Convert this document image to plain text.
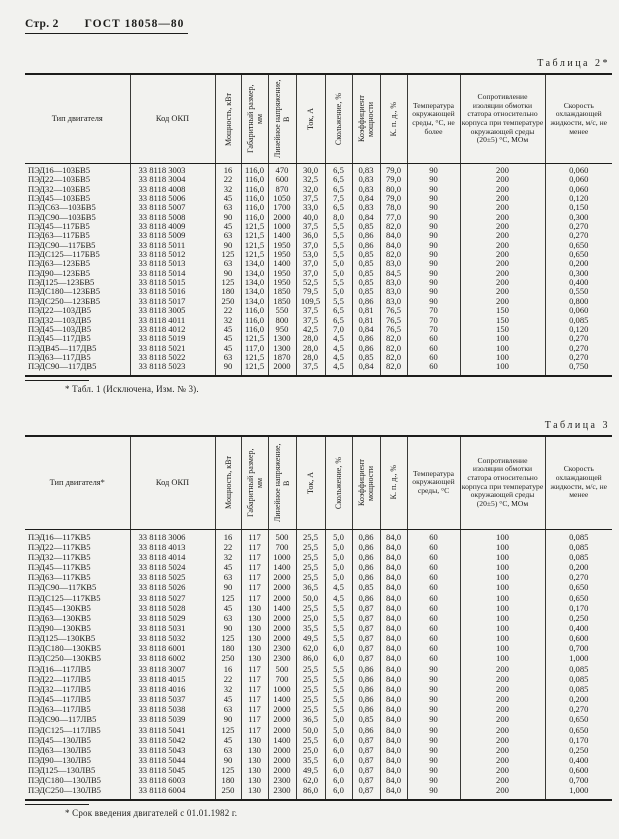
Стр. 2 ГОСТ 18058—80
Таблица 2*
Тип двигателя	Код ОКП	Мощность, кВт	Габаритный размер, мм	Линейное напряжение, В	Ток, А	Скольжение, %	Коэффициент мощности	К. п. д., %	Температура окружающей среды, °С, не более	Сопротивление изоляции обмотки статора относительно корпуса при температуре окружающей среды (20±5) °С, МОм	Скорость охлаждающей жидкости, м/с, не менее
ПЭД16—103БВ5	33 8118 3003	16	116,0	470	30,0	6,5	0,83	79,0	90	200	0,060
ПЭД22—103БВ5	33 8118 3004	22	116,0	600	32,5	6,5	0,83	79,0	90	200	0,060
ПЭД32—103БВ5	33 8118 4008	32	116,0	870	32,0	6,5	0,83	80,0	90	200	0,060
ПЭД45—103БВ5	33 8118 5006	45	116,0	1050	37,5	7,5	0,84	79,0	90	200	0,120
ПЭДС63—103БВ5	33 8118 5007	63	116,0	1700	33,0	6,5	0,83	78,0	90	200	0,150
ПЭДС90—103БВ5	33 8118 5008	90	116,0	2000	40,0	8,0	0,84	77,0	90	200	0,300
ПЭД45—117БВ5	33 8118 4009	45	121,5	1000	37,5	5,5	0,85	82,0	90	200	0,270
ПЭД63—117БВ5	33 8118 5009	63	121,5	1400	36,0	5,5	0,86	84,0	90	200	0,270
ПЭДС90—117БВ5	33 8118 5011	90	121,5	1950	37,0	5,5	0,86	84,0	90	200	0,650
ПЭДС125—117БВ5	33 8118 5012	125	121,5	1950	53,0	5,5	0,85	82,0	90	200	0,650
ПЭД63—123БВ5	33 8118 5013	63	134,0	1400	37,0	5,0	0,85	83,0	90	200	0,200
ПЭД90—123БВ5	33 8118 5014	90	134,0	1950	37,0	5,0	0,85	84,5	90	200	0,300
ПЭД125—123БВ5	33 8118 5015	125	134,0	1950	52,5	5,5	0,85	83,0	90	200	0,400
ПЭДС180—123БВ5	33 8118 5016	180	134,0	1850	79,5	5,0	0,85	83,0	90	200	0,550
ПЭДС250—123БВ5	33 8118 5017	250	134,0	1850	109,5	5,5	0,86	83,0	90	200	0,800
ПЭД22—103ДВ5	33 8118 3005	22	116,0	550	37,5	6,5	0,81	76,5	70	150	0,060
ПЭД32—103ДВ5	33 8118 4011	32	116,0	800	37,5	6,5	0,81	76,5	70	150	0,085
ПЭД45—103ДВ5	33 8118 4012	45	116,0	950	42,5	7,0	0,84	76,5	70	150	0,120
ПЭД45—117ДВ5	33 8118 5019	45	121,5	1300	28,0	4,5	0,86	82,0	60	100	0,270
ПЭДВ45—117ДВ5	33 8118 5021	45	117,0	1300	28,0	4,5	0,86	82,0	60	100	0,270
ПЭД63—117ДВ5	33 8118 5022	63	121,5	1870	28,0	4,5	0,85	82,0	60	100	0,270
ПЭДС90—117ДВ5	33 8118 5023	90	121,5	2000	37,5	4,5	0,84	82,0	60	100	0,750
* Табл. 1 (Исключена, Изм. № 3).
Таблица 3
Тип двигателя*	Код ОКП	Мощность, кВт	Габаритный размер, мм	Линейное напряжение, В	Ток, А	Скольжение, %	Коэффициент мощности	К. п. д., %	Температура окружающей среды, °С	Сопротивление изоляции обмотки статора относительно корпуса при температуре окружающей среды (20±5) °С, МОм	Скорость охлаждающей жидкости, м/с, не менее
ПЭД16—117КВ5	33 8118 3006	16	117	500	25,5	5,0	0,86	84,0	60	100	0,085
ПЭД22—117КВ5	33 8118 4013	22	117	700	25,5	5,0	0,86	84,0	60	100	0,085
ПЭД32—117КВ5	33 8118 4014	32	117	1000	25,5	5,0	0,86	84,0	60	100	0,085
ПЭД45—117КВ5	33 8118 5024	45	117	1400	25,5	5,0	0,86	84,0	60	100	0,200
ПЭД63—117КВ5	33 8118 5025	63	117	2000	25,5	5,0	0,86	84,0	60	100	0,270
ПЭДС90—117КВ5	33 8118 5026	90	117	2000	36,5	4,5	0,85	84,0	60	100	0,650
ПЭДС125—117КВ5	33 8118 5027	125	117	2000	50,0	4,5	0,86	84,0	60	100	0,650
ПЭД45—130КВ5	33 8118 5028	45	130	1400	25,5	5,5	0,87	84,0	60	100	0,170
ПЭД63—130КВ5	33 8118 5029	63	130	2000	25,0	5,5	0,87	84,0	60	100	0,250
ПЭД90—130КВ5	33 8118 5031	90	130	2000	35,5	5,5	0,87	84,0	60	100	0,400
ПЭД125—130КВ5	33 8118 5032	125	130	2000	49,5	5,5	0,87	84,0	60	100	0,600
ПЭДС180—130КВ5	33 8118 6001	180	130	2300	62,0	6,0	0,87	84,0	60	100	0,700
ПЭДС250—130КВ5	33 8118 6002	250	130	2300	86,0	6,0	0,87	84,0	60	100	1,000
ПЭД16—117ЛВ5	33 8118 3007	16	117	500	25,5	5,5	0,86	84,0	90	200	0,085
ПЭД22—117ЛВ5	33 8118 4015	22	117	700	25,5	5,5	0,86	84,0	90	200	0,085
ПЭД32—117ЛВ5	33 8118 4016	32	117	1000	25,5	5,5	0,86	84,0	90	200	0,085
ПЭД45—117ЛВ5	33 8118 5037	45	117	1400	25,5	5,5	0,86	84,0	90	200	0,200
ПЭД63—117ЛВ5	33 8118 5038	63	117	2000	25,5	5,5	0,86	84,0	90	200	0,270
ПЭДС90—117ЛВ5	33 8118 5039	90	117	2000	36,5	5,0	0,85	84,0	90	200	0,650
ПЭДС125—117ЛВ5	33 8118 5041	125	117	2000	50,0	5,0	0,86	84,0	90	200	0,650
ПЭД45—130ЛВ5	33 8118 5042	45	130	1400	25,5	6,0	0,87	84,0	90	200	0,170
ПЭД63—130ЛВ5	33 8118 5043	63	130	2000	25,0	6,0	0,87	84,0	90	200	0,250
ПЭД90—130ЛВ5	33 8118 5044	90	130	2000	35,5	6,0	0,87	84,0	90	200	0,400
ПЭД125—130ЛВ5	33 8118 5045	125	130	2000	49,5	6,0	0,87	84,0	90	200	0,600
ПЭДС180—130ЛВ5	33 8118 6003	180	130	2300	62,0	6,0	0,87	84,0	90	200	0,700
ПЭДС250—130ЛВ5	33 8118 6004	250	130	2300	86,0	6,0	0,87	84,0	90	200	1,000
* Срок введения двигателей с 01.01.1982 г.
